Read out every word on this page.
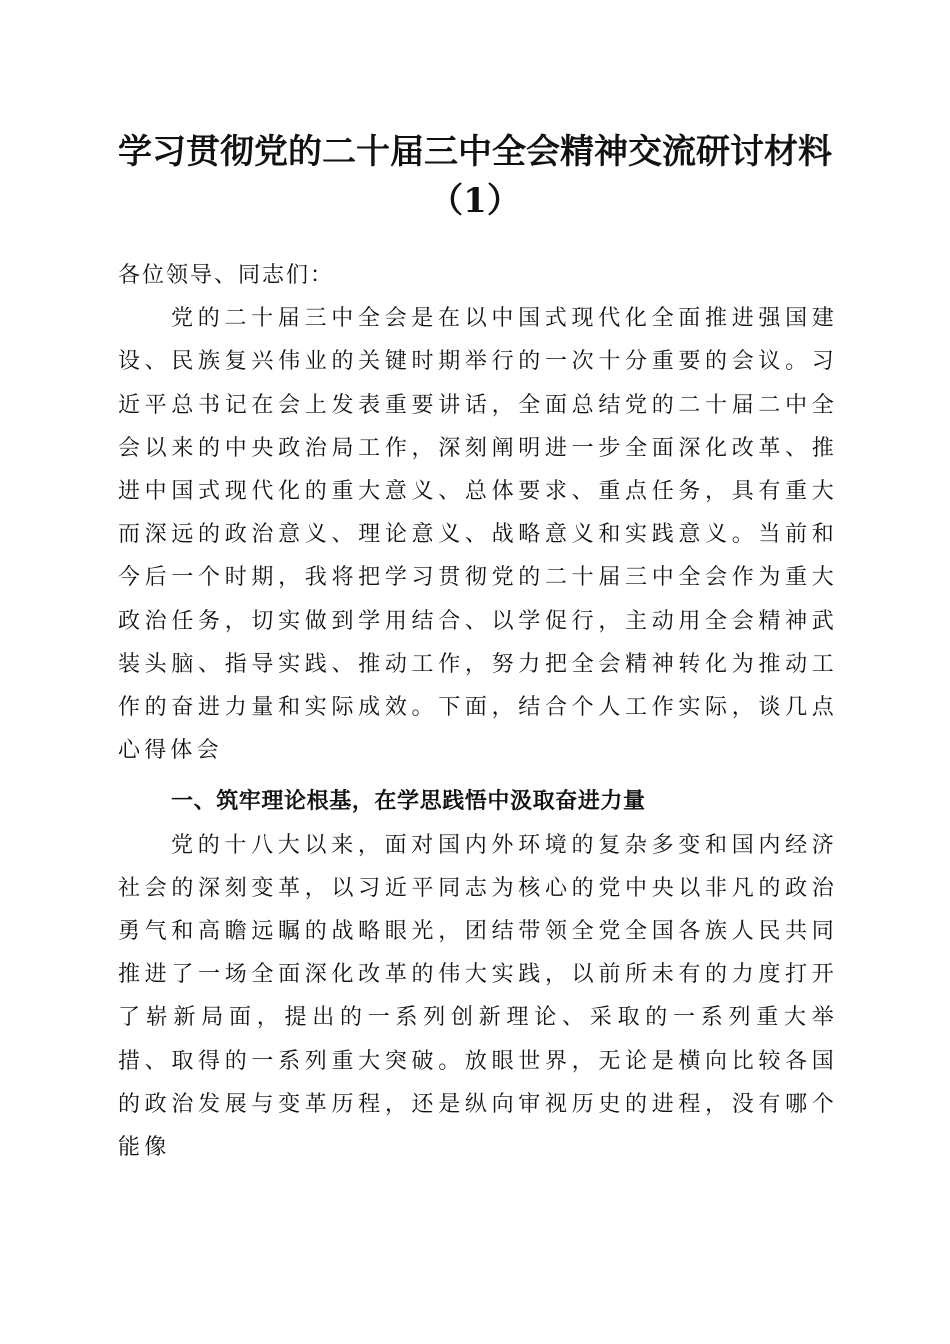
学习贯彻党的二十届三中全会精神交流研讨材料（1）

各位领导、同志们：

党的二十届三中全会是在以中国式现代化全面推进强国建设、民族复兴伟业的关键时期举行的一次十分重要的会议。习近平总书记在会上发表重要讲话，全面总结党的二十届二中全会以来的中央政治局工作，深刻阐明进一步全面深化改革、推进中国式现代化的重大意义、总体要求、重点任务，具有重大而深远的政治意义、理论意义、战略意义和实践意义。当前和今后一个时期，我将把学习贯彻党的二十届三中全会作为重大政治任务，切实做到学用结合、以学促行，主动用全会精神武装头脑、指导实践、推动工作，努力把全会精神转化为推动工作的奋进力量和实际成效。下面，结合个人工作实际，谈几点心得体会

一、筑牢理论根基，在学思践悟中汲取奋进力量

党的十八大以来，面对国内外环境的复杂多变和国内经济社会的深刻变革，以习近平同志为核心的党中央以非凡的政治勇气和高瞻远瞩的战略眼光，团结带领全党全国各族人民共同推进了一场全面深化改革的伟大实践，以前所未有的力度打开了崭新局面，提出的一系列创新理论、采取的一系列重大举措、取得的一系列重大突破。放眼世界，无论是横向比较各国的政治发展与变革历程，还是纵向审视历史的进程，没有哪个能像
